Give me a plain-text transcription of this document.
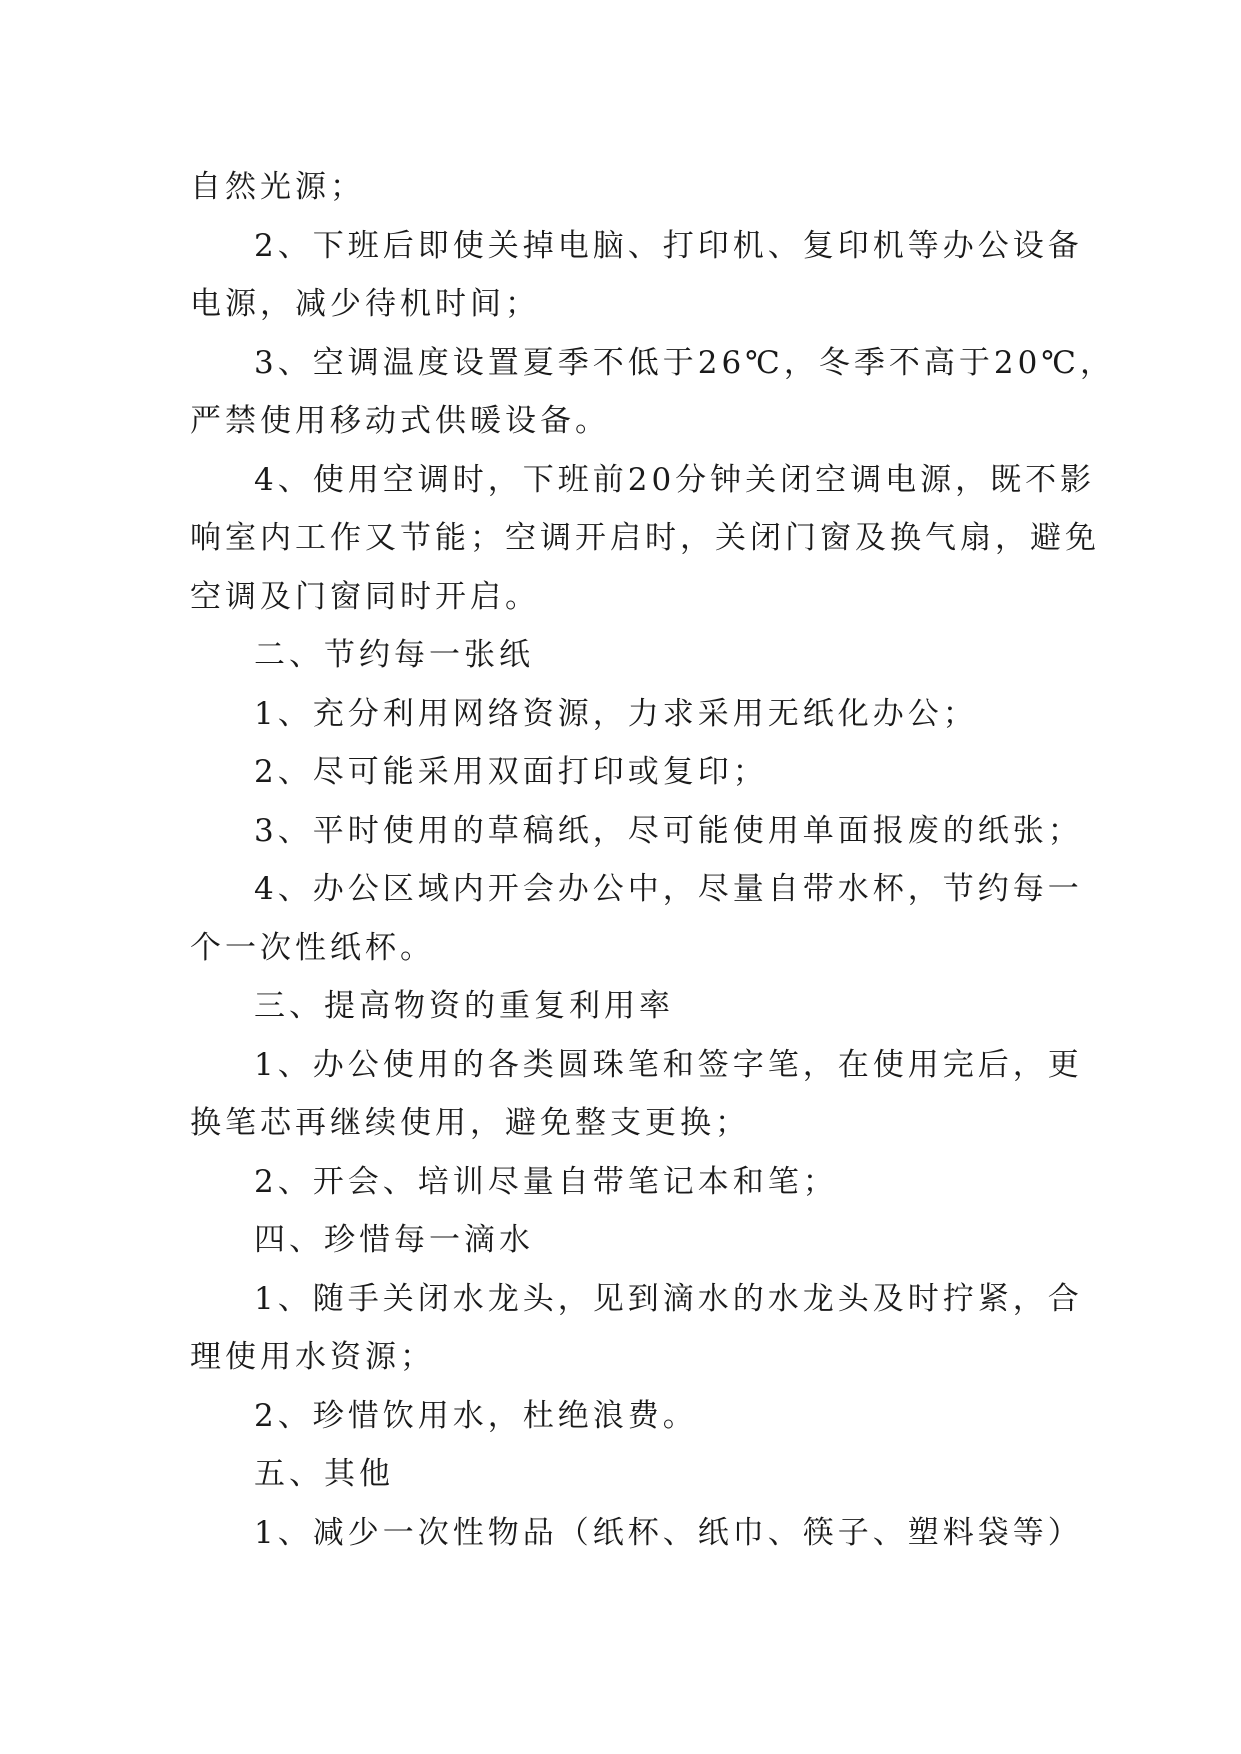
自然光源；
2、下班后即使关掉电脑、打印机、复印机等办公设备
电源，减少待机时间；
3、空调温度设置夏季不低于26℃，冬季不高于20℃，
严禁使用移动式供暖设备。
4、使用空调时，下班前20分钟关闭空调电源，既不影
响室内工作又节能；空调开启时，关闭门窗及换气扇，避免
空调及门窗同时开启。
二、节约每一张纸
1、充分利用网络资源，力求采用无纸化办公；
2、尽可能采用双面打印或复印；
3、平时使用的草稿纸，尽可能使用单面报废的纸张；
4、办公区域内开会办公中，尽量自带水杯，节约每一
个一次性纸杯。
三、提高物资的重复利用率
1、办公使用的各类圆珠笔和签字笔，在使用完后，更
换笔芯再继续使用，避免整支更换；
2、开会、培训尽量自带笔记本和笔；
四、珍惜每一滴水
1、随手关闭水龙头，见到滴水的水龙头及时拧紧，合
理使用水资源；
2、珍惜饮用水，杜绝浪费。
五、其他
1、减少一次性物品（纸杯、纸巾、筷子、塑料袋等）
